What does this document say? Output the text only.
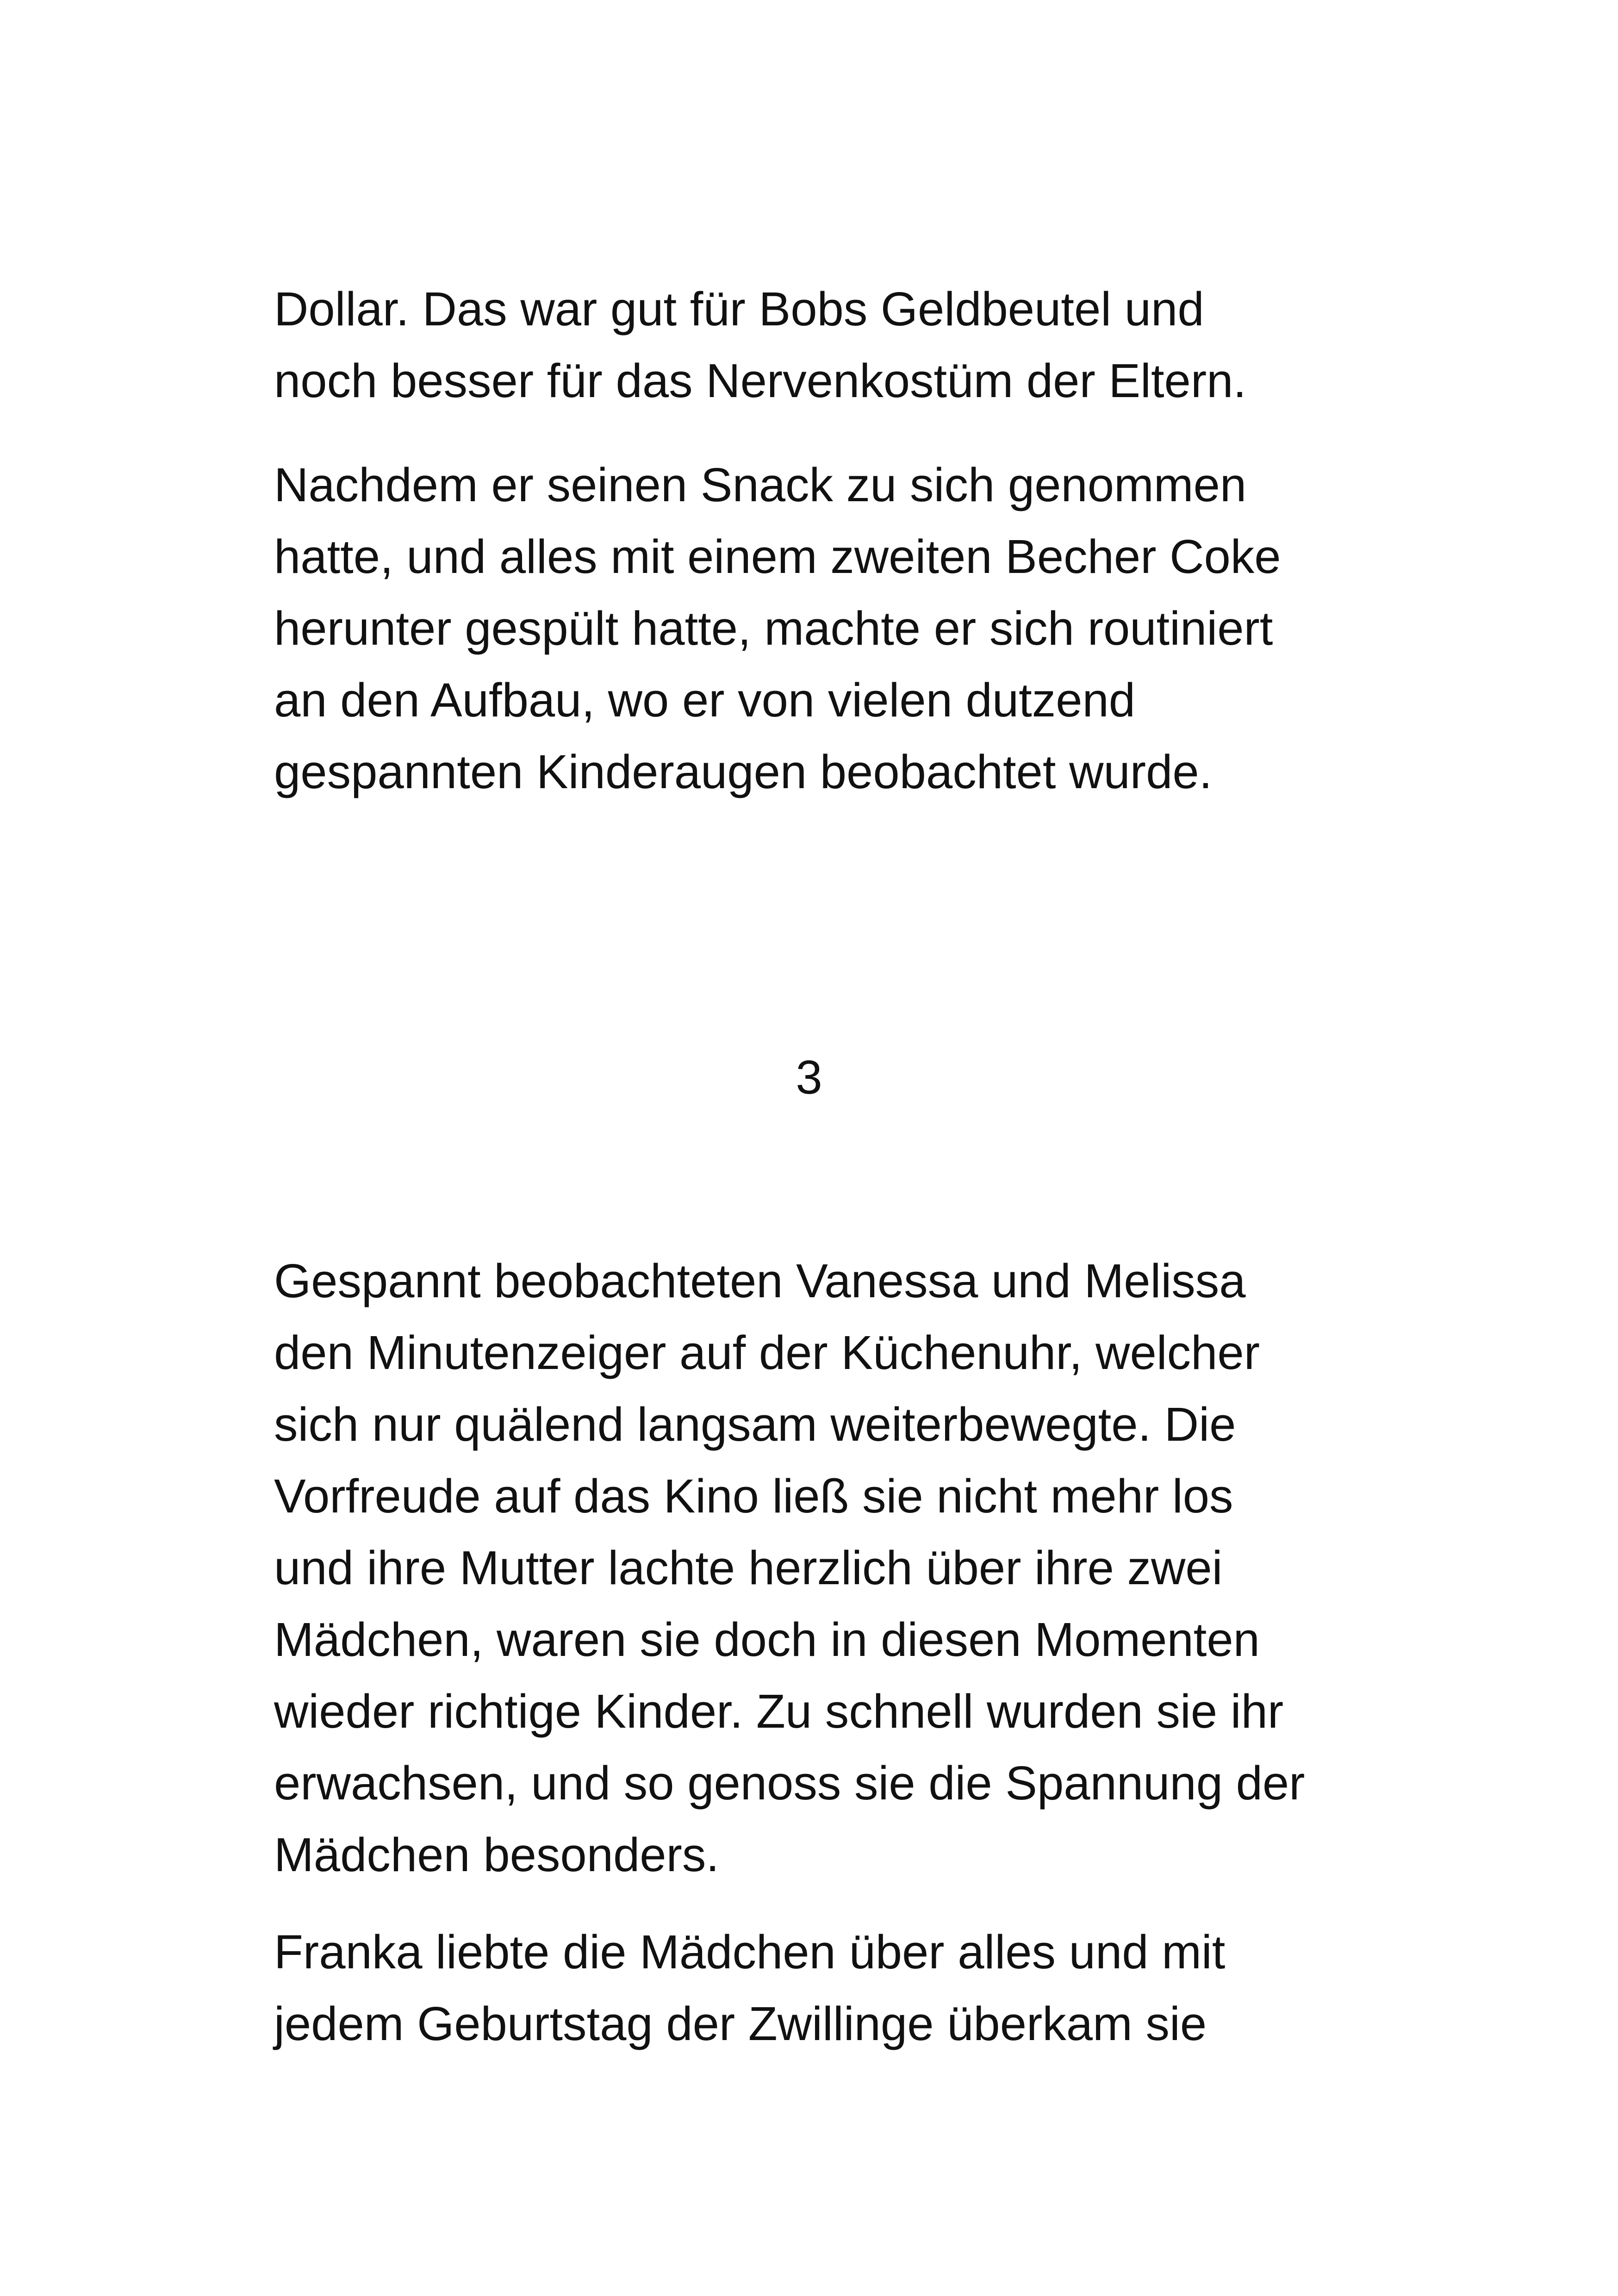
Dollar. Das war gut für Bobs Geldbeutel und
noch besser für das Nervenkostüm der Eltern.

Nachdem er seinen Snack zu sich genommen
hatte, und alles mit einem zweiten Becher Coke
herunter gespült hatte, machte er sich routiniert
an den Aufbau, wo er von vielen dutzend
gespannten Kinderaugen beobachtet wurde.

3

Gespannt beobachteten Vanessa und Melissa
den Minutenzeiger auf der Küchenuhr, welcher
sich nur quälend langsam weiterbewegte. Die
Vorfreude auf das Kino ließ sie nicht mehr los
und ihre Mutter lachte herzlich über ihre zwei
Mädchen, waren sie doch in diesen Momenten
wieder richtige Kinder. Zu schnell wurden sie ihr
erwachsen, und so genoss sie die Spannung der
Mädchen besonders.

Franka liebte die Mädchen über alles und mit
jedem Geburtstag der Zwillinge überkam sie
